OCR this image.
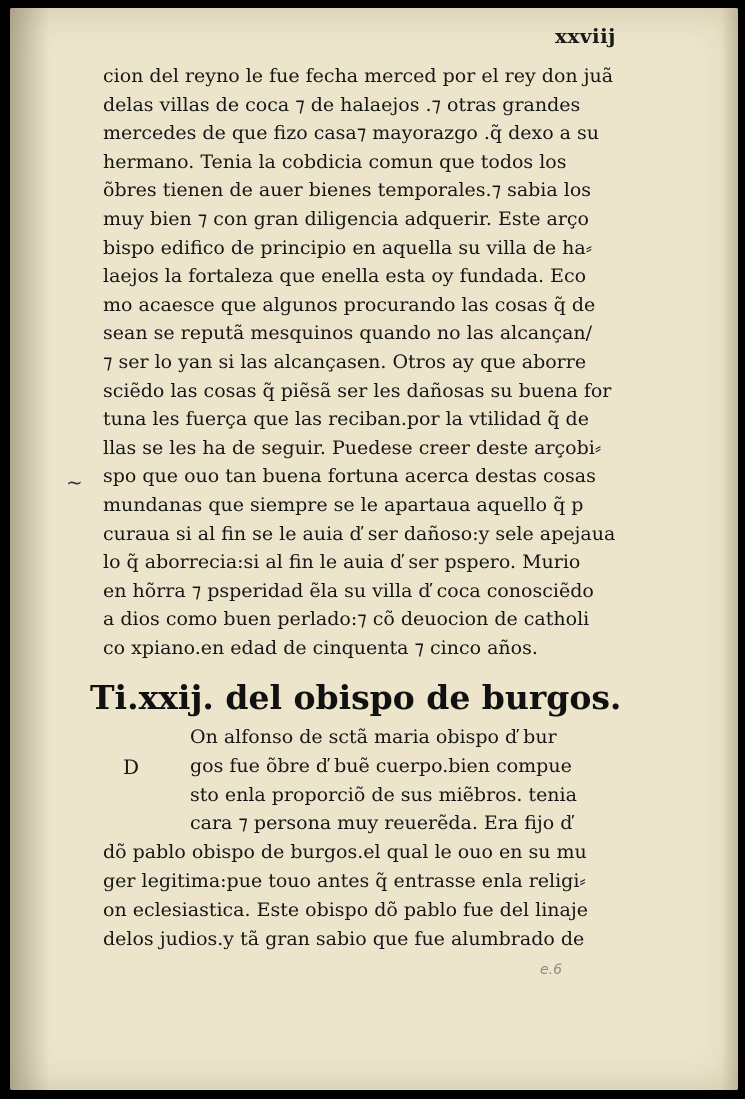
xxviij
cion del reyno le fue fecha merced por el rey don juã
delas villas de coca ⁊ de halaejos .⁊ otras grandes
mercedes de que fizo casa⁊ mayorazgo .q̃ dexo a su
hermano. Tenia la cobdicia comun que todos los
õbres tienen de auer bienes temporales.⁊ sabia los
muy bien ⁊ con gran diligencia adquerir. Este arço
bispo edifico de principio en aquella su villa de ha⸗
laejos la fortaleza que enella esta oy fundada. Eco
mo acaesce que algunos procurando las cosas q̃ de
sean se reputã mesquinos quando no las alcançan/
⁊ ser lo yan si las alcançasen. Otros ay que aborre
sciẽdo las cosas q̃ piẽsã ser les dañosas su buena for
tuna les fuerça que las reciban.por la vtilidad q̃ de
llas se les ha de seguir. Puedese creer deste arçobi⸗
spo que ouo tan buena fortuna acerca destas cosas
mundanas que siempre se le apartaua aquello q̃ p
curaua si al fin se le auia ď ser dañoso:y sele apejaua
lo q̃ aborrecia:si al fin le auia ď ser pspero. Murio
en hõrra ⁊ psperidad ẽla su villa ď coca conosciẽdo
a dios como buen perlado:⁊ cõ deuocion de catholi
co xpiano.en edad de cinquenta ⁊ cinco años.
~
Ti.xxij. del obispo de burgos.
D
On alfonso de sctã maria obispo ď bur
gos fue õbre ď buẽ cuerpo.bien compue
sto enla proporciõ de sus miẽbros. tenia
cara ⁊ persona muy reuerẽda. Era fijo ď
dõ pablo obispo de burgos.el qual le ouo en su mu
ger legitima:pue touo antes q̃ entrasse enla religi⸗
on eclesiastica. Este obispo dõ pablo fue del linaje
delos judios.y tã gran sabio que fue alumbrado de
e.6
